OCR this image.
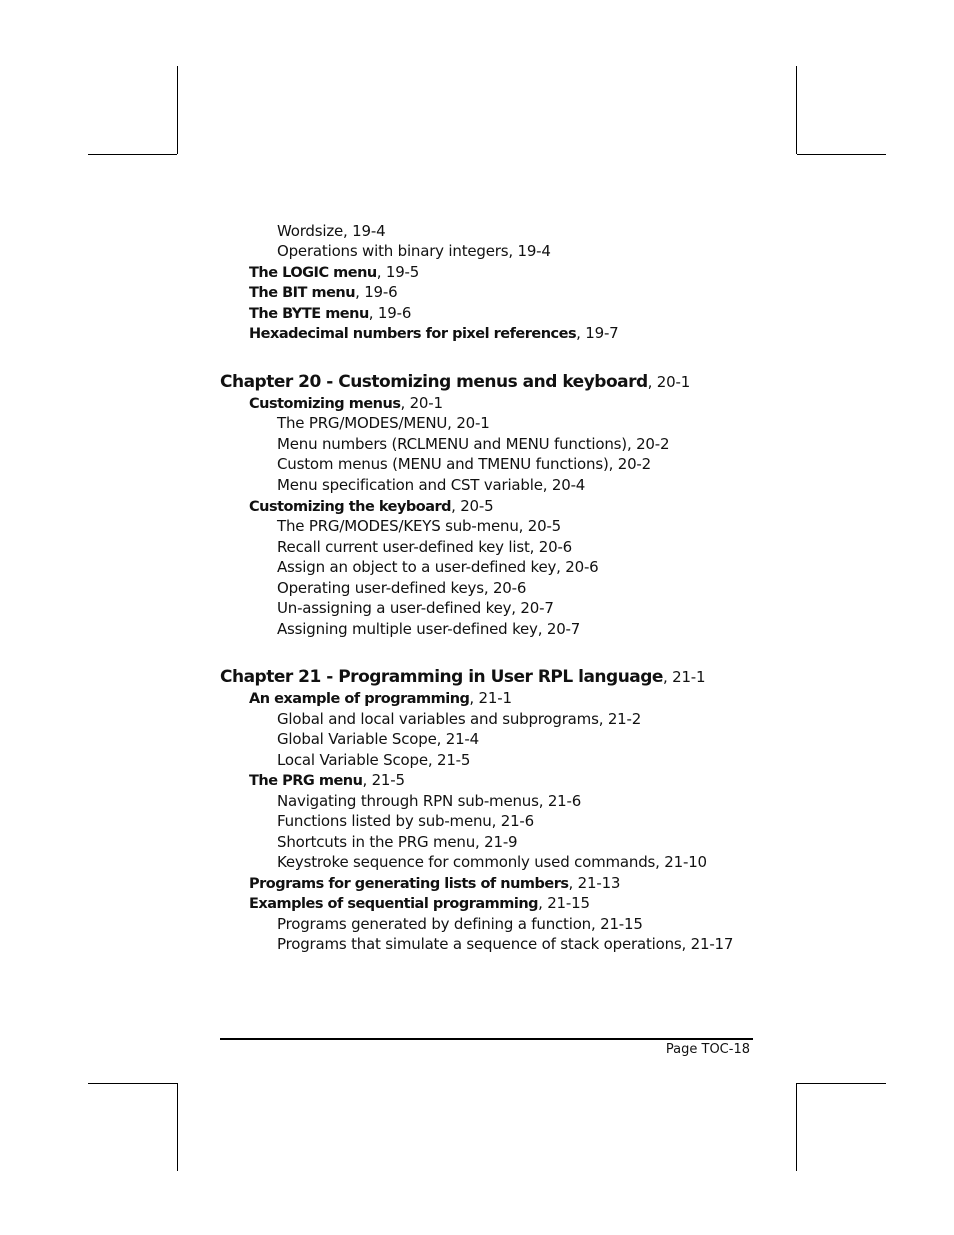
Wordsize, 19-4
Operations with binary integers, 19-4
The LOGIC menu, 19-5
The BIT menu, 19-6
The BYTE menu, 19-6
Hexadecimal numbers for pixel references, 19-7
Chapter 20 - Customizing menus and keyboard, 20-1
Customizing menus, 20-1
The PRG/MODES/MENU, 20-1
Menu numbers (RCLMENU and MENU functions), 20-2
Custom menus (MENU and TMENU functions), 20-2
Menu specification and CST variable, 20-4
Customizing the keyboard, 20-5
The PRG/MODES/KEYS sub-menu, 20-5
Recall current user-defined key list, 20-6
Assign an object to a user-defined key, 20-6
Operating user-defined keys, 20-6
Un-assigning a user-defined key, 20-7
Assigning multiple user-defined key, 20-7
Chapter 21 - Programming in User RPL language, 21-1
An example of programming, 21-1
Global and local variables and subprograms, 21-2
Global Variable Scope, 21-4
Local Variable Scope, 21-5
The PRG menu, 21-5
Navigating through RPN sub-menus, 21-6
Functions listed by sub-menu, 21-6
Shortcuts in the PRG menu, 21-9
Keystroke sequence for commonly used commands, 21-10
Programs for generating lists of numbers, 21-13
Examples of sequential programming, 21-15
Programs generated by defining a function, 21-15
Programs that simulate a sequence of stack operations, 21-17
Page TOC-18
